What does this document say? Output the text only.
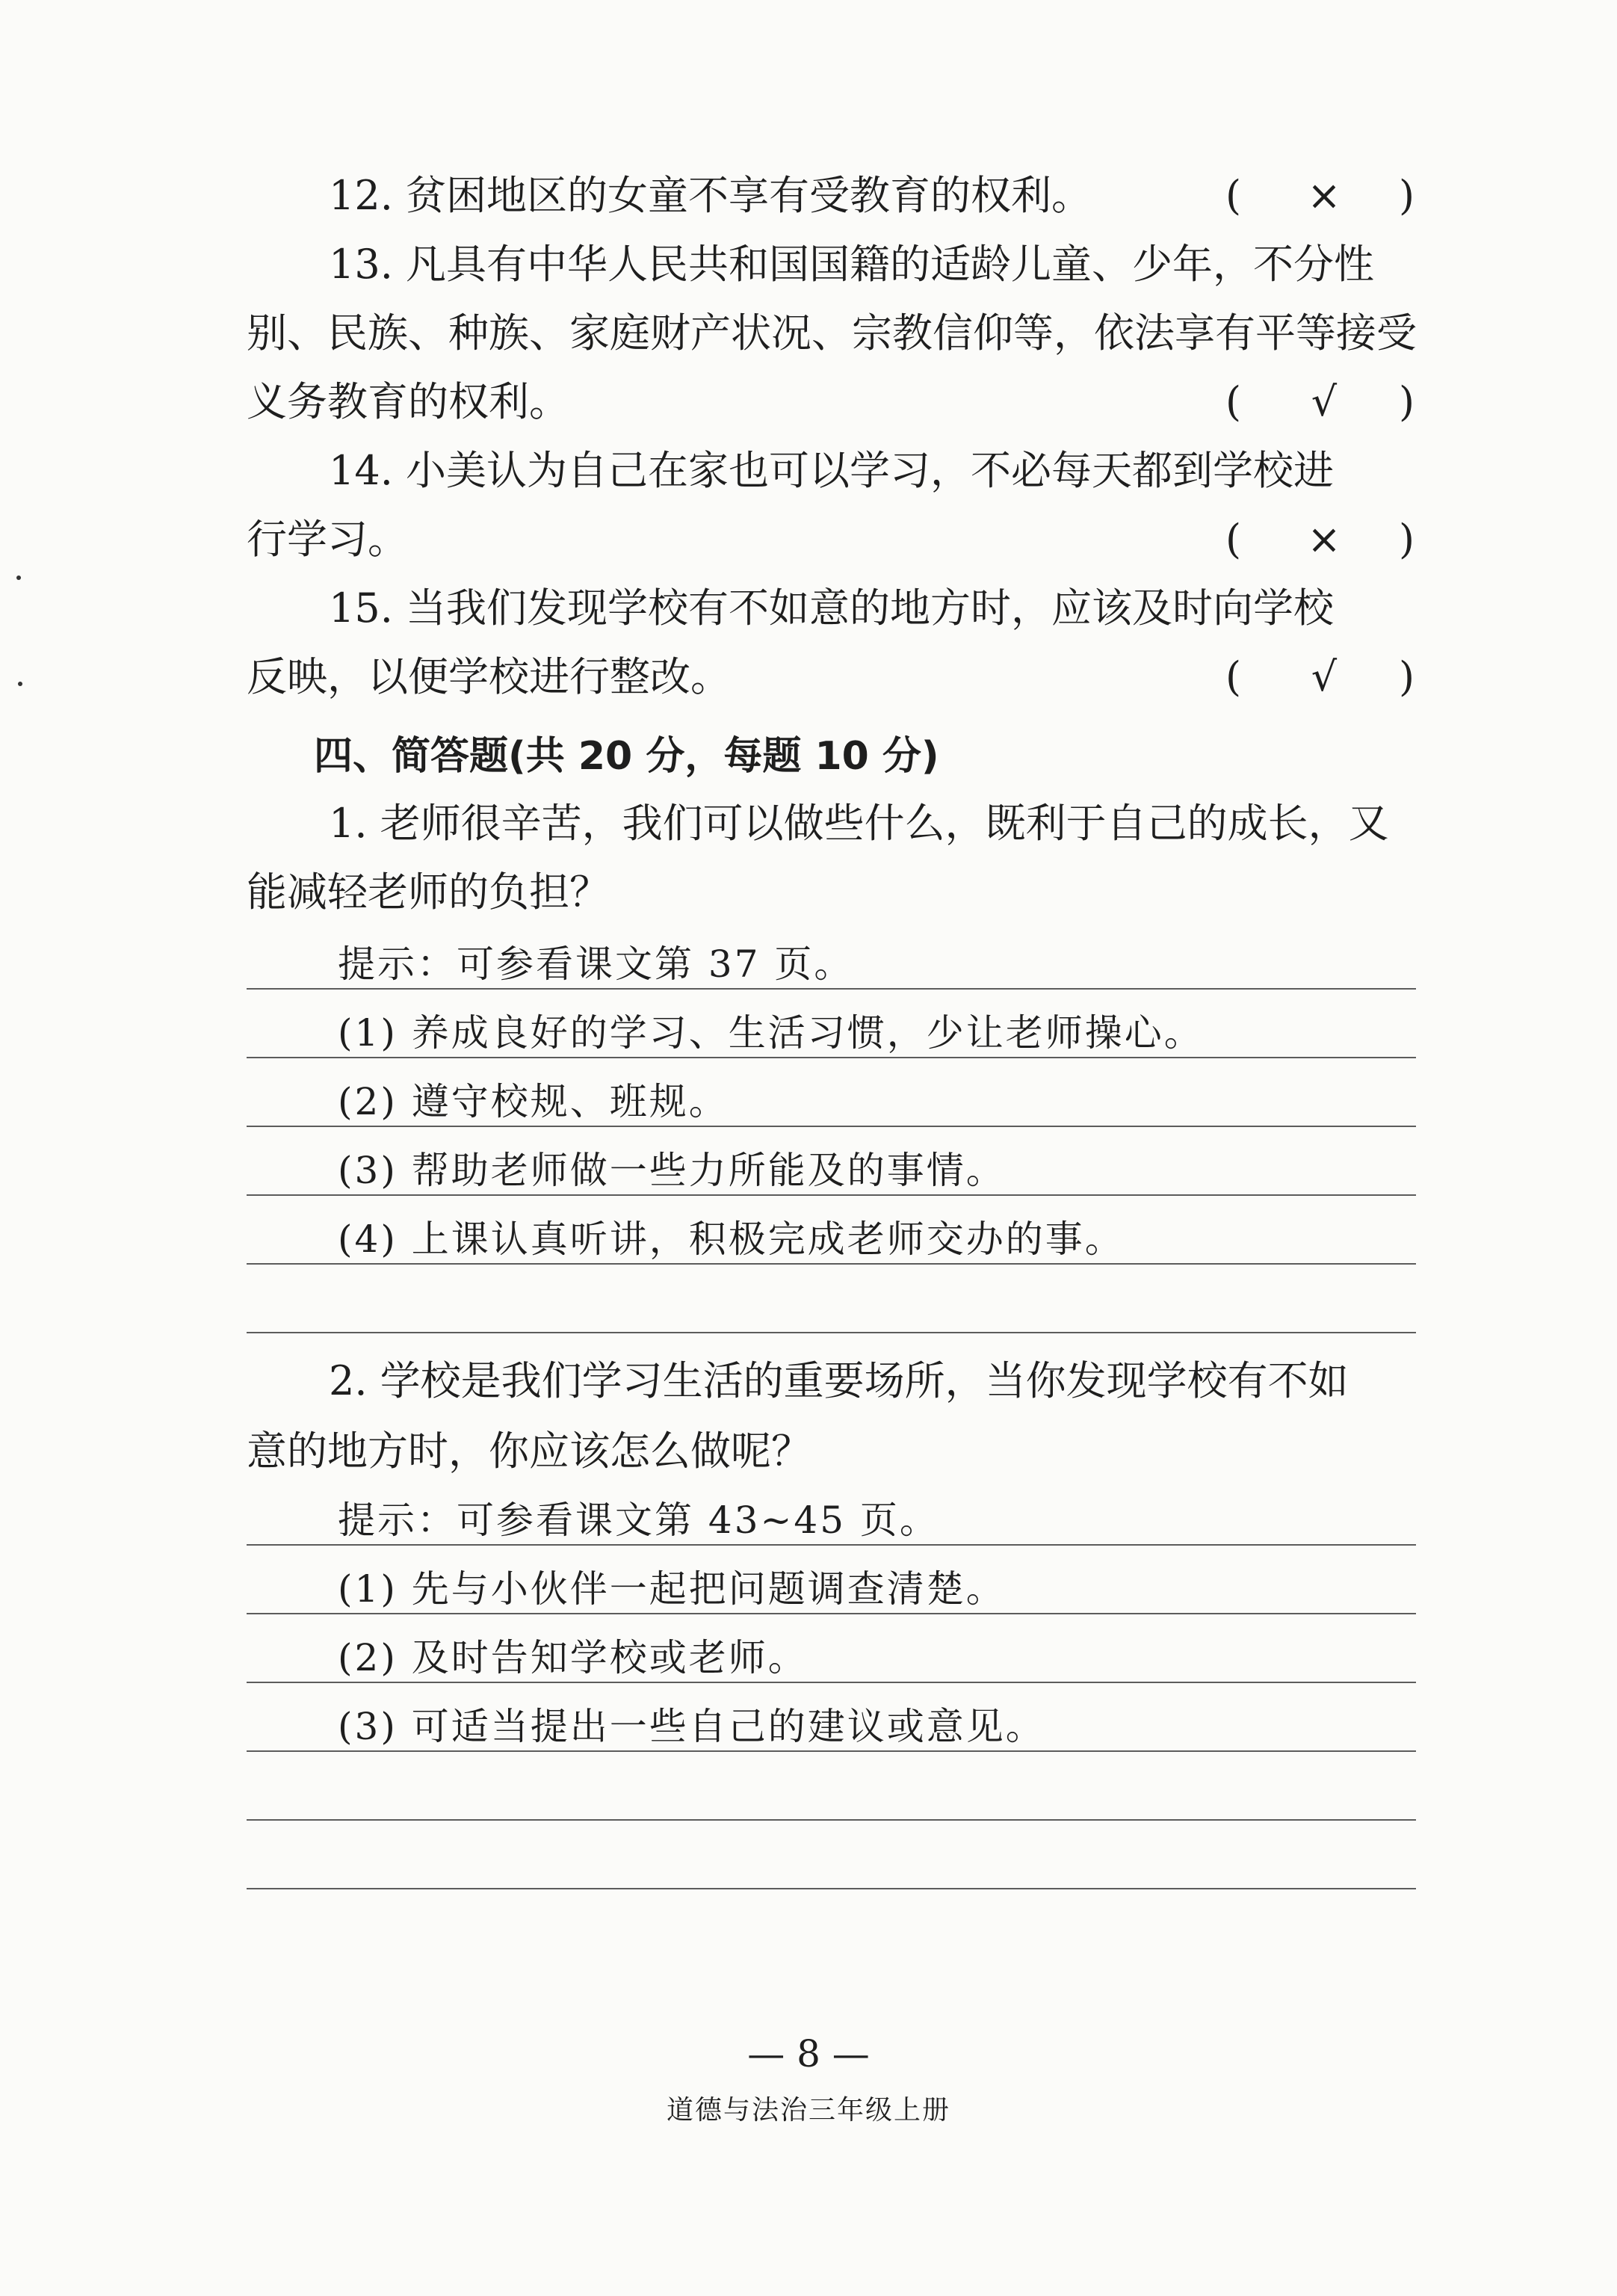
12. 贫困地区的女童不享有受教育的权利。	(	×	)
13. 凡具有中华人民共和国国籍的适龄儿童、少年，不分性
别、民族、种族、家庭财产状况、宗教信仰等，依法享有平等接受
义务教育的权利。	(	√	)
14. 小美认为自己在家也可以学习，不必每天都到学校进
行学习。	(	×	)
15. 当我们发现学校有不如意的地方时，应该及时向学校
反映，以便学校进行整改。	(	√	)
四、简答题(共 20 分，每题 10 分)
1. 老师很辛苦，我们可以做些什么，既利于自己的成长，又
能减轻老师的负担？
提示：可参看课文第 37 页。
(1) 养成良好的学习、生活习惯，少让老师操心。
(2) 遵守校规、班规。
(3) 帮助老师做一些力所能及的事情。
(4) 上课认真听讲，积极完成老师交办的事。
2. 学校是我们学习生活的重要场所，当你发现学校有不如
意的地方时，你应该怎么做呢？
提示：可参看课文第 43~45 页。
(1) 先与小伙伴一起把问题调查清楚。
(2) 及时告知学校或老师。
(3) 可适当提出一些自己的建议或意见。
— 8 —
道德与法治三年级上册
